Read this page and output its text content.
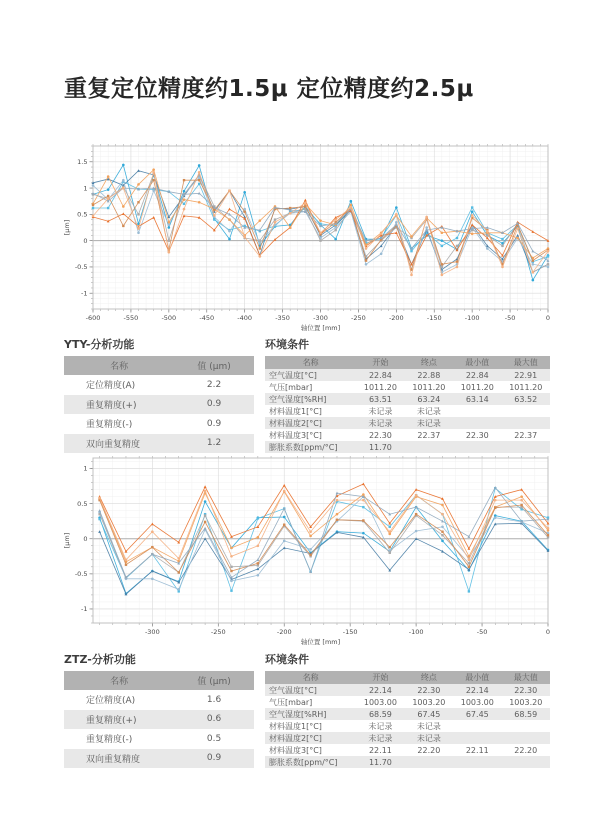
重复定位精度约1.5μ 定位精度约2.5μ
-600	-550	-500	-450	-400	-350	-300	-250	-200	-150	-100	-50	0
-1
-0.5
0
0.5
1
1.5
轴位置 [mm]
[μm]
YTY-分析功能
名称	值 (μm)
定位精度(A)	2.2
重复精度(+)	0.9
重复精度(-)	0.9
双向重复精度	1.2
环境条件
名称	开始	终点	最小值	最大值
空气温度[°C]	22.84	22.88	22.84	22.91
气压[mbar]	1011.20	1011.20	1011.20	1011.20
空气湿度[%RH]	63.51	63.24	63.14	63.52
材料温度1[°C]	未记录	未记录		
材料温度2[°C]	未记录	未记录		
材料温度3[°C]	22.30	22.37	22.30	22.37
膨胀系数[ppm/°C]	11.70			
-300	-250	-200	-150	-100	-50	0
-1
-0.5
0
0.5
1
轴位置 [mm]
[μm]
ZTZ-分析功能
名称	值 (μm)
定位精度(A)	1.6
重复精度(+)	0.6
重复精度(-)	0.5
双向重复精度	0.9
环境条件
名称	开始	终点	最小值	最大值
空气温度[°C]	22.14	22.30	22.14	22.30
气压[mbar]	1003.00	1003.20	1003.00	1003.20
空气湿度[%RH]	68.59	67.45	67.45	68.59
材料温度1[°C]	未记录	未记录		
材料温度2[°C]	未记录	未记录		
材料温度3[°C]	22.11	22.20	22.11	22.20
膨胀系数[ppm/°C]	11.70			
